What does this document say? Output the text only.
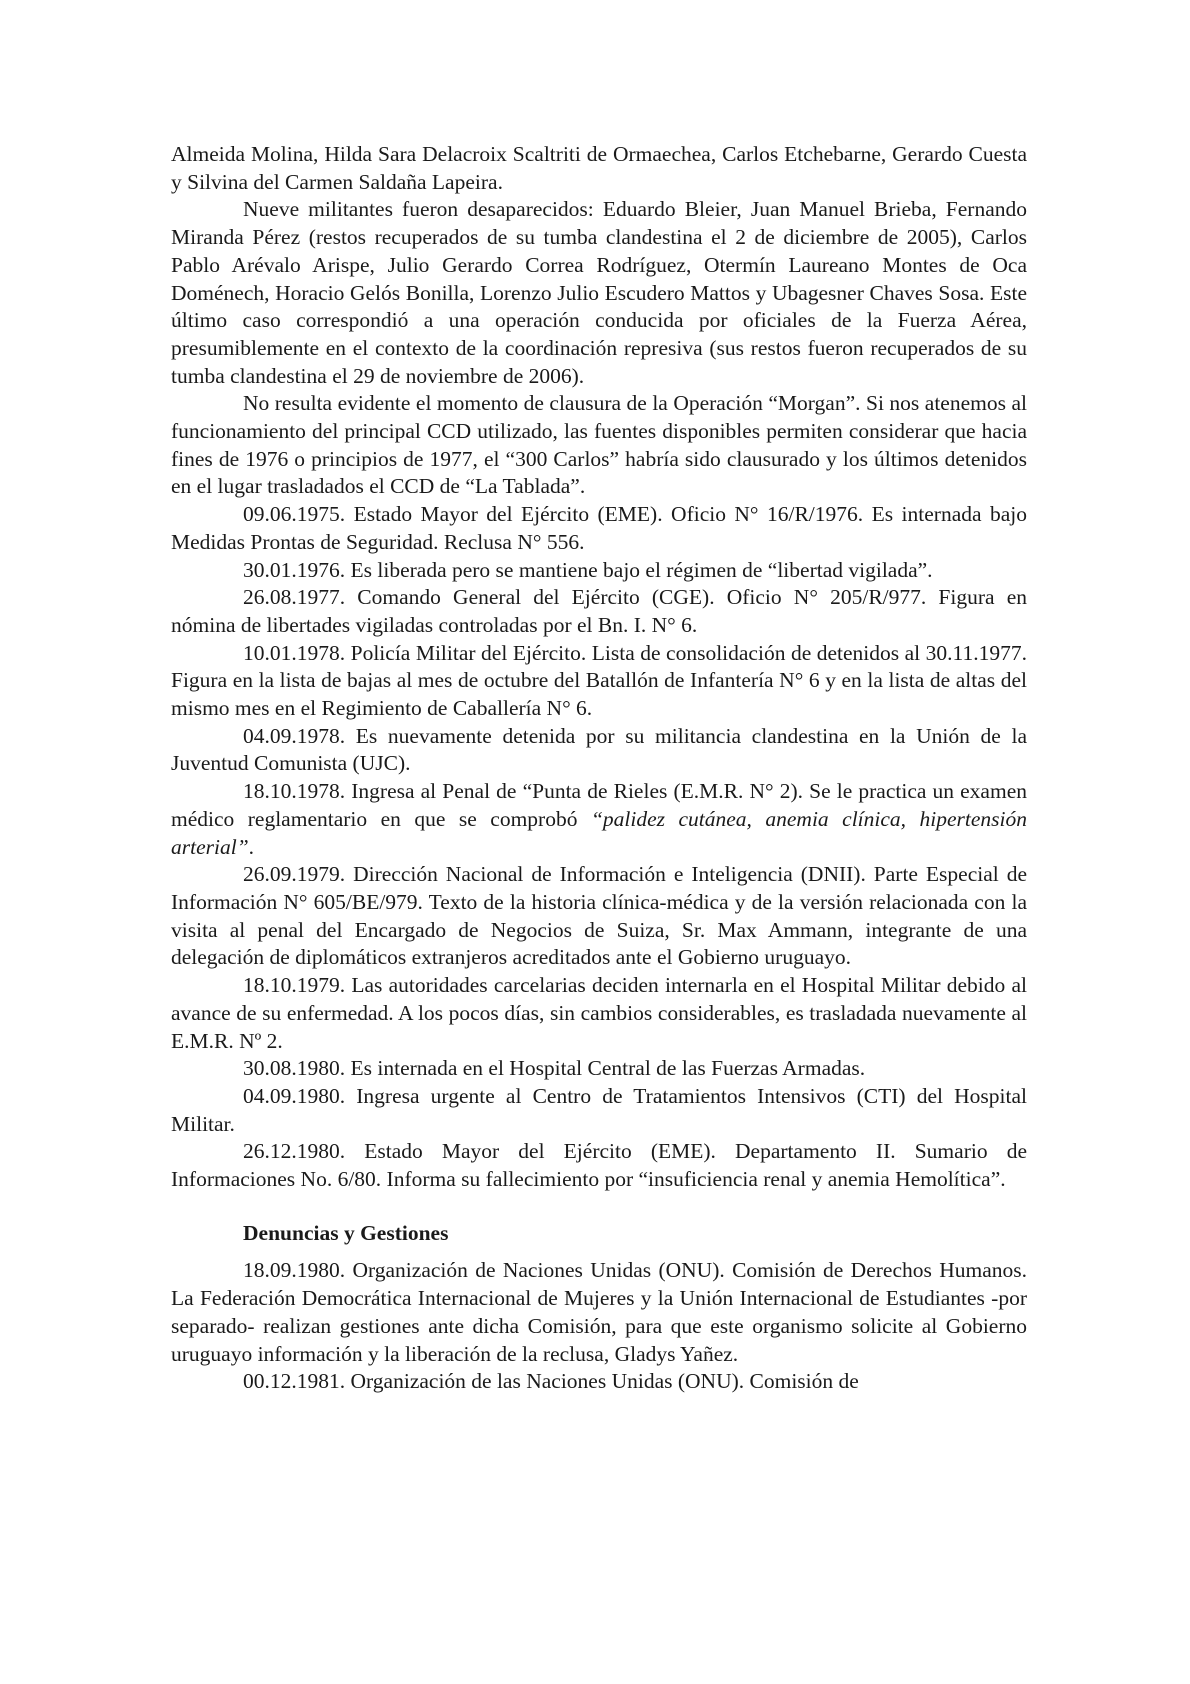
Almeida Molina, Hilda Sara Delacroix Scaltriti de Ormaechea, Carlos Etchebarne, Gerardo Cuesta y Silvina del Carmen Saldaña Lapeira.

Nueve militantes fueron desaparecidos: Eduardo Bleier, Juan Manuel Brieba, Fernando Miranda Pérez (restos recuperados de su tumba clandestina el 2 de diciembre de 2005), Carlos Pablo Arévalo Arispe, Julio Gerardo Correa Rodríguez, Otermín Laureano Montes de Oca Doménech, Horacio Gelós Bonilla, Lorenzo Julio Escudero Mattos y Ubagesner Chaves Sosa. Este último caso correspondió a una operación conducida por oficiales de la Fuerza Aérea, presumiblemente en el contexto de la coordinación represiva (sus restos fueron recuperados de su tumba clandestina el 29 de noviembre de 2006).

No resulta evidente el momento de clausura de la Operación “Morgan”. Si nos atenemos al funcionamiento del principal CCD utilizado, las fuentes disponibles permiten considerar que hacia fines de 1976 o principios de 1977, el “300 Carlos” habría sido clausurado y los últimos detenidos en el lugar trasladados el CCD de “La Tablada”.

09.06.1975. Estado Mayor del Ejército (EME). Oficio N° 16/R/1976. Es internada bajo Medidas Prontas de Seguridad. Reclusa N° 556.

30.01.1976. Es liberada pero se mantiene bajo el régimen de “libertad vigilada”.

26.08.1977. Comando General del Ejército (CGE). Oficio N° 205/R/977. Figura en nómina de libertades vigiladas controladas por el Bn. I. N° 6.

10.01.1978. Policía Militar del Ejército. Lista de consolidación de detenidos al 30.11.1977. Figura en la lista de bajas al mes de octubre del Batallón de Infantería N° 6 y en la lista de altas del mismo mes en el Regimiento de Caballería N° 6.

04.09.1978. Es nuevamente detenida por su militancia clandestina en la Unión de la Juventud Comunista (UJC).

18.10.1978. Ingresa al Penal de “Punta de Rieles (E.M.R. N° 2). Se le practica un examen médico reglamentario en que se comprobó “palidez cutánea, anemia clínica, hipertensión arterial”.

26.09.1979. Dirección Nacional de Información e Inteligencia (DNII). Parte Especial de Información N° 605/BE/979. Texto de la historia clínica-médica y de la versión relacionada con la visita al penal del Encargado de Negocios de Suiza, Sr. Max Ammann, integrante de una delegación de diplomáticos extranjeros acreditados ante el Gobierno uruguayo.

18.10.1979. Las autoridades carcelarias deciden internarla en el Hospital Militar debido al avance de su enfermedad. A los pocos días, sin cambios considerables, es trasladada nuevamente al E.M.R. Nº 2.

30.08.1980. Es internada en el Hospital Central de las Fuerzas Armadas.

04.09.1980. Ingresa urgente al Centro de Tratamientos Intensivos (CTI) del Hospital Militar.

26.12.1980. Estado Mayor del Ejército (EME). Departamento II. Sumario de Informaciones No. 6/80. Informa su fallecimiento por “insuficiencia renal y anemia Hemolítica”.

Denuncias y Gestiones

18.09.1980. Organización de Naciones Unidas (ONU). Comisión de Derechos Humanos. La Federación Democrática Internacional de Mujeres y la Unión Internacional de Estudiantes -por separado- realizan gestiones ante dicha Comisión, para que este organismo solicite al Gobierno uruguayo información y la liberación de la reclusa, Gladys Yañez.

00.12.1981. Organización de las Naciones Unidas (ONU). Comisión de
